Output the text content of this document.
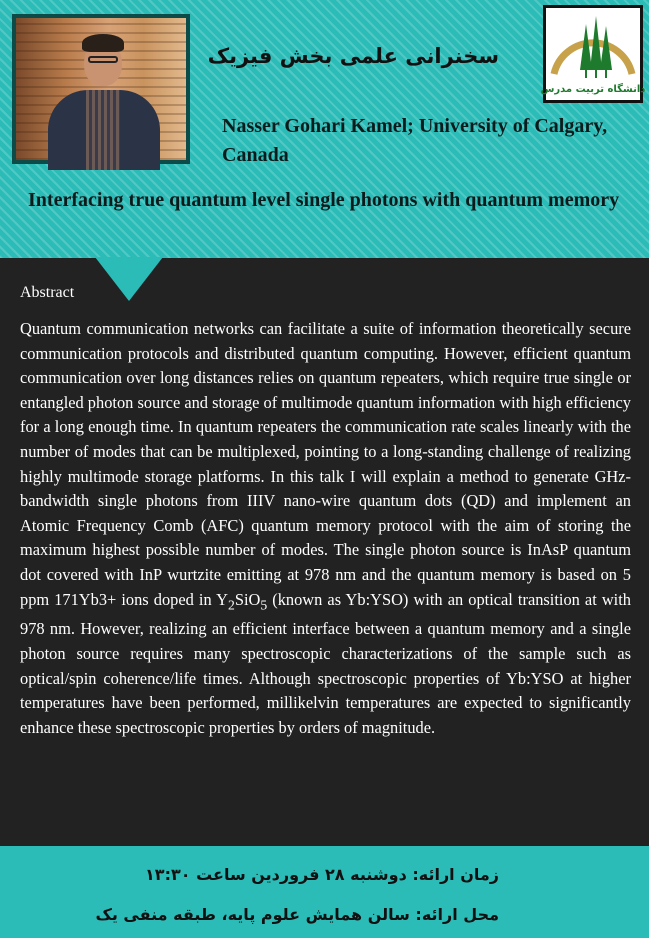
سخنرانی علمی بخش فیزیک
دانشگاه تربیت مدرس
Nasser Gohari Kamel; University of Calgary, Canada
Interfacing true quantum level single photons with quantum memory
Abstract
Quantum communication networks can facilitate a suite of information theoretically secure communication protocols and distributed quantum computing. However, efficient quantum communication over long distances relies on quantum repeaters, which require true single or entangled photon source and storage of multimode quantum information with high efficiency for a long enough time. In quantum repeaters the communication rate scales linearly with the number of modes that can be multiplexed, pointing to a long-standing challenge of realizing highly multimode storage platforms. In this talk I will explain a method to generate GHz- bandwidth single photons from IIIV nano-wire quantum dots (QD) and implement an Atomic Frequency Comb (AFC) quantum memory protocol with the aim of storing the maximum highest possible number of modes. The single photon source is InAsP quantum dot covered with InP wurtzite emitting at 978 nm and the quantum memory is based on 5 ppm 171Yb3+ ions doped in $Y_2SiO_5$ (known as Yb:YSO) with an optical transition at with 978 nm. However, realizing an efficient interface between a quantum memory and a single photon source requires many spectroscopic characterizations of the sample such as optical/spin coherence/life times. Although spectroscopic properties of Yb:YSO at higher temperatures have been performed, millikelvin temperatures are expected to significantly enhance these spectroscopic properties by orders of magnitude.
زمان ارائه: دوشنبه ۲۸ فروردین ساعت ۱۳:۳۰
محل ارائه: سالن همایش علوم پایه، طبقه منفی یک
